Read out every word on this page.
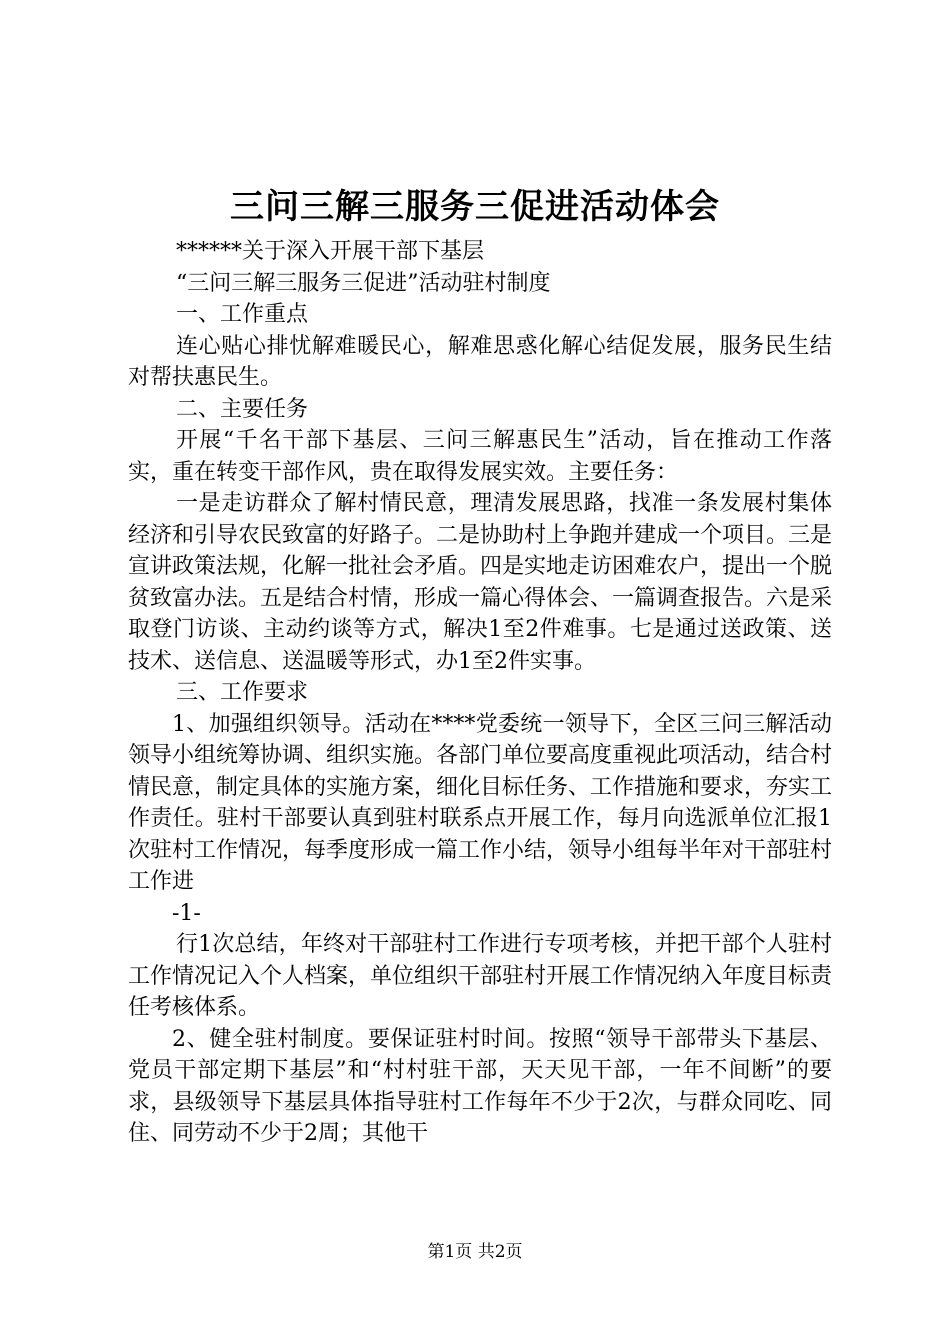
三问三解三服务三促进活动体会

******关于深入开展干部下基层

“三问三解三服务三促进”活动驻村制度

一、工作重点

连心贴心排忧解难暖民心，解难思惑化解心结促发展，服务民生结对帮扶惠民生。

二、主要任务

开展“千名干部下基层、三问三解惠民生”活动，旨在推动工作落实，重在转变干部作风，贵在取得发展实效。主要任务：

一是走访群众了解村情民意，理清发展思路，找准一条发展村集体经济和引导农民致富的好路子。二是协助村上争跑并建成一个项目。三是宣讲政策法规，化解一批社会矛盾。四是实地走访困难农户，提出一个脱贫致富办法。五是结合村情，形成一篇心得体会、一篇调查报告。六是采取登门访谈、主动约谈等方式，解决1至2件难事。七是通过送政策、送技术、送信息、送温暖等形式，办1至2件实事。

三、工作要求

1、加强组织领导。活动在****党委统一领导下，全区三问三解活动领导小组统筹协调、组织实施。各部门单位要高度重视此项活动，结合村情民意，制定具体的实施方案，细化目标任务、工作措施和要求，夯实工作责任。驻村干部要认真到驻村联系点开展工作，每月向选派单位汇报1次驻村工作情况，每季度形成一篇工作小结，领导小组每半年对干部驻村工作进

-1-

行1次总结，年终对干部驻村工作进行专项考核，并把干部个人驻村工作情况记入个人档案，单位组织干部驻村开展工作情况纳入年度目标责任考核体系。

2、健全驻村制度。要保证驻村时间。按照“领导干部带头下基层、党员干部定期下基层”和“村村驻干部，天天见干部，一年不间断”的要求，县级领导下基层具体指导驻村工作每年不少于2次，与群众同吃、同住、同劳动不少于2周；其他干

第1页 共2页
